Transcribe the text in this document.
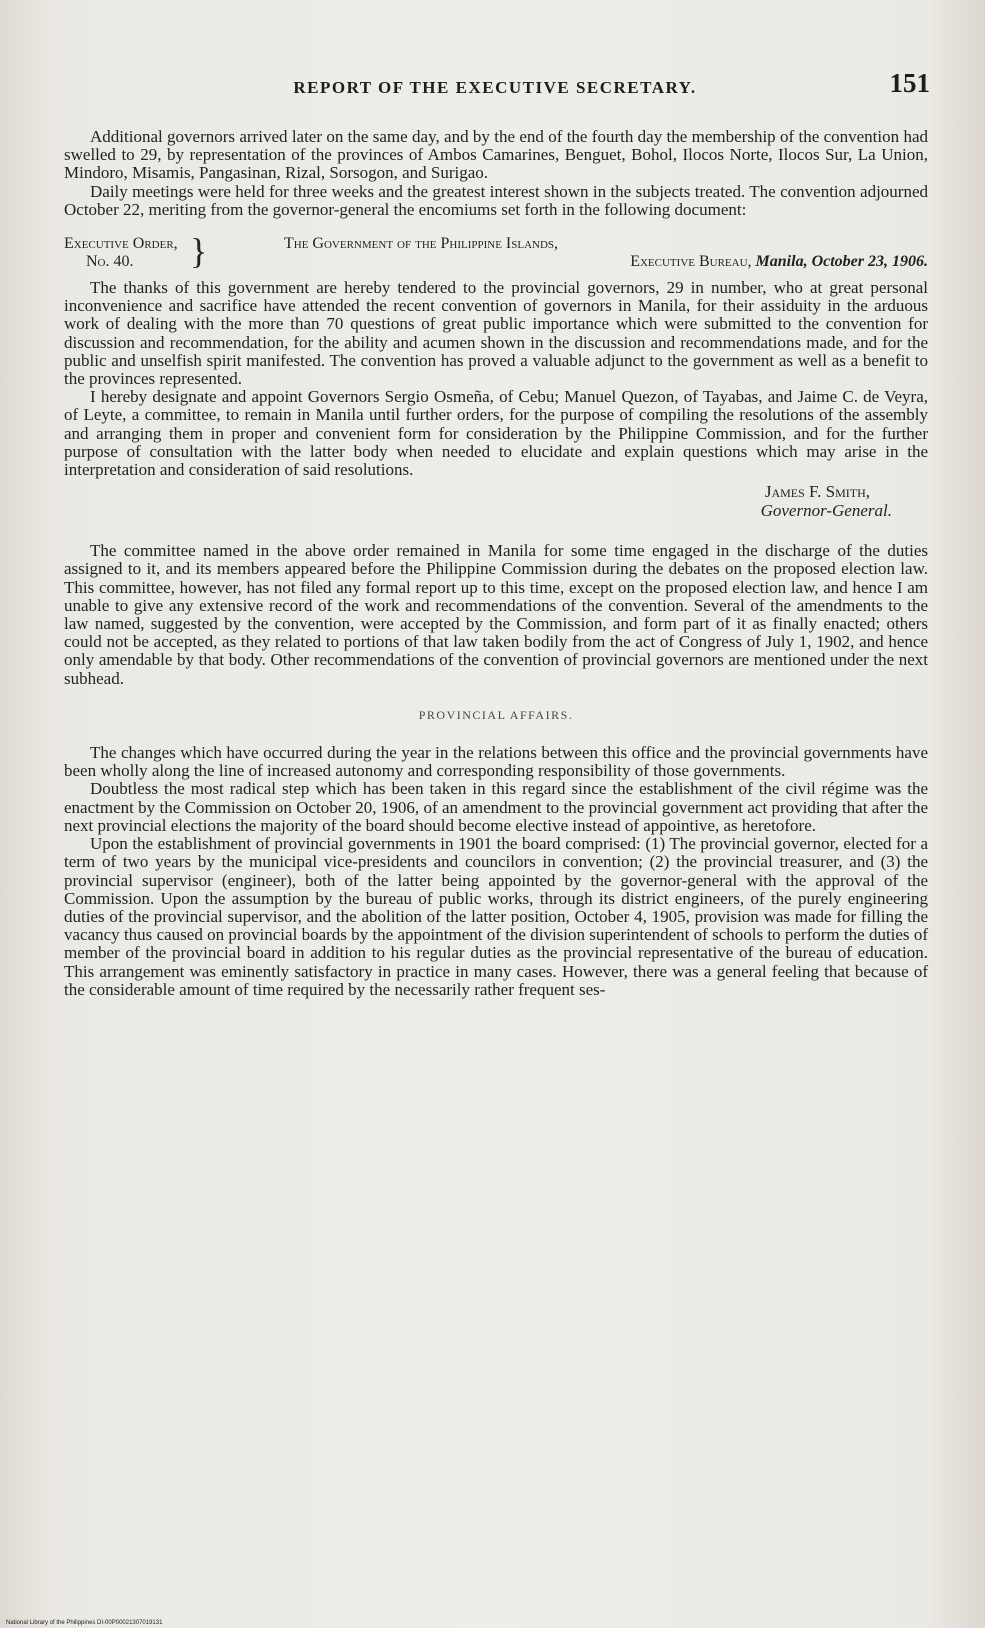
REPORT OF THE EXECUTIVE SECRETARY.	151

Additional governors arrived later on the same day, and by the end of the fourth day the membership of the convention had swelled to 29, by representation of the provinces of Ambos Camarines, Benguet, Bohol, Ilocos Norte, Ilocos Sur, La Union, Mindoro, Misamis, Pangasinan, Rizal, Sorsogon, and Surigao.

Daily meetings were held for three weeks and the greatest interest shown in the subjects treated. The convention adjourned October 22, meriting from the governor-general the encomiums set forth in the following document:

Executive Order,
No. 40.	}	The Government of the Philippine Islands,
Executive Bureau, Manila, October 23, 1906.

The thanks of this government are hereby tendered to the provincial governors, 29 in number, who at great personal inconvenience and sacrifice have attended the recent convention of governors in Manila, for their assiduity in the arduous work of dealing with the more than 70 questions of great public importance which were submitted to the convention for discussion and recommendation, for the ability and acumen shown in the discussion and recommendations made, and for the public and unselfish spirit manifested. The convention has proved a valuable adjunct to the government as well as a benefit to the provinces represented.

I hereby designate and appoint Governors Sergio Osmeña, of Cebu; Manuel Quezon, of Tayabas, and Jaime C. de Veyra, of Leyte, a committee, to remain in Manila until further orders, for the purpose of compiling the resolutions of the assembly and arranging them in proper and convenient form for consideration by the Philippine Commission, and for the further purpose of consultation with the latter body when needed to elucidate and explain questions which may arise in the interpretation and consideration of said resolutions.

James F. Smith,
Governor-General.

The committee named in the above order remained in Manila for some time engaged in the discharge of the duties assigned to it, and its members appeared before the Philippine Commission during the debates on the proposed election law. This committee, however, has not filed any formal report up to this time, except on the proposed election law, and hence I am unable to give any extensive record of the work and recommendations of the convention. Several of the amendments to the law named, suggested by the convention, were accepted by the Commission, and form part of it as finally enacted; others could not be accepted, as they related to portions of that law taken bodily from the act of Congress of July 1, 1902, and hence only amendable by that body. Other recommendations of the convention of provincial governors are mentioned under the next subhead.

PROVINCIAL AFFAIRS.

The changes which have occurred during the year in the relations between this office and the provincial governments have been wholly along the line of increased autonomy and corresponding responsibility of those governments.

Doubtless the most radical step which has been taken in this regard since the establishment of the civil régime was the enactment by the Commission on October 20, 1906, of an amendment to the provincial government act providing that after the next provincial elections the majority of the board should become elective instead of appointive, as heretofore.

Upon the establishment of provincial governments in 1901 the board comprised: (1) The provincial governor, elected for a term of two years by the municipal vice-presidents and councilors in convention; (2) the provincial treasurer, and (3) the provincial supervisor (engineer), both of the latter being appointed by the governor-general with the approval of the Commission. Upon the assumption by the bureau of public works, through its district engineers, of the purely engineering duties of the provincial supervisor, and the abolition of the latter position, October 4, 1905, provision was made for filling the vacancy thus caused on provincial boards by the appointment of the division superintendent of schools to perform the duties of member of the provincial board in addition to his regular duties as the provincial representative of the bureau of education. This arrangement was eminently satisfactory in practice in many cases. However, there was a general feeling that because of the considerable amount of time required by the necessarily rather frequent ses-

National Library of the Philippines DI-00P00021307019131
